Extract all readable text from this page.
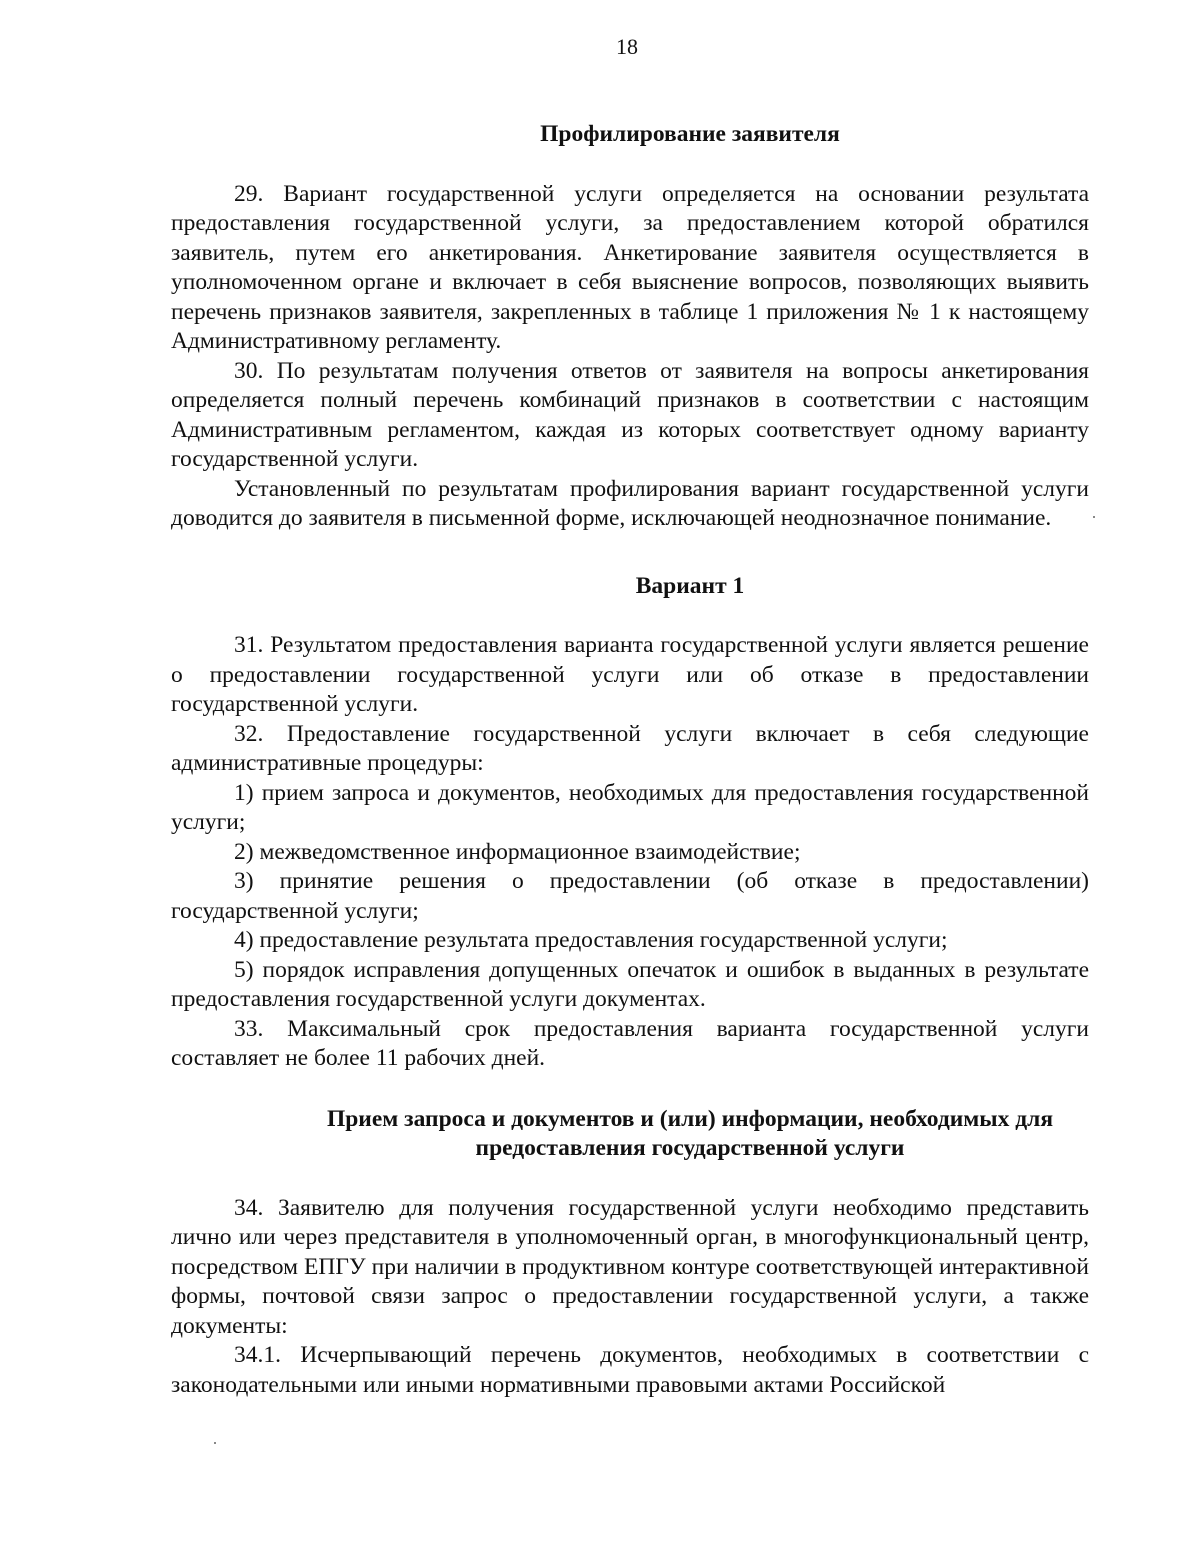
18
Профилирование заявителя

29. Вариант государственной услуги определяется на основании результата предоставления государственной услуги, за предоставлением которой обратился заявитель, путем его анкетирования. Анкетирование заявителя осуществляется в уполномоченном органе и включает в себя выяснение вопросов, позволяющих выявить перечень признаков заявителя, закрепленных в таблице 1 приложения № 1 к настоящему Административному регламенту.

30. По результатам получения ответов от заявителя на вопросы анкетирования определяется полный перечень комбинаций признаков в соответствии с настоящим Административным регламентом, каждая из которых соответствует одному варианту государственной услуги.

Установленный по результатам профилирования вариант государственной услуги доводится до заявителя в письменной форме, исключающей неоднозначное понимание.

Вариант 1

31. Результатом предоставления варианта государственной услуги является решение о предоставлении государственной услуги или об отказе в предоставлении государственной услуги.

32. Предоставление государственной услуги включает в себя следующие административные процедуры:

1) прием запроса и документов, необходимых для предоставления государственной услуги;

2) межведомственное информационное взаимодействие;

3) принятие решения о предоставлении (об отказе в предоставлении) государственной услуги;

4) предоставление результата предоставления государственной услуги;

5) порядок исправления допущенных опечаток и ошибок в выданных в результате предоставления государственной услуги документах.

33. Максимальный срок предоставления варианта государственной услуги составляет не более 11 рабочих дней.

Прием запроса и документов и (или) информации, необходимых для
предоставления государственной услуги

34. Заявителю для получения государственной услуги необходимо представить лично или через представителя в уполномоченный орган, в многофункциональный центр, посредством ЕПГУ при наличии в продуктивном контуре соответствующей интерактивной формы, почтовой связи запрос о предоставлении государственной услуги, а также документы:

34.1. Исчерпывающий перечень документов, необходимых в соответствии с законодательными или иными нормативными правовыми актами Российской
